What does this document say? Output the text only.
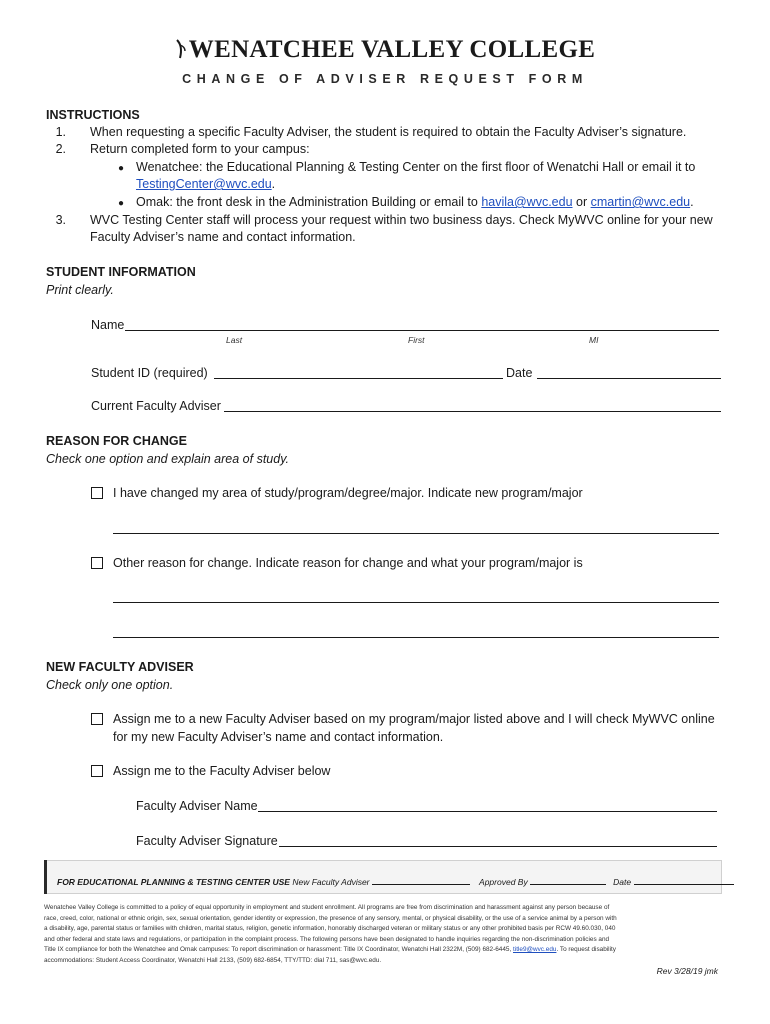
WENATCHEE VALLEY COLLEGE
CHANGE OF ADVISER REQUEST FORM
INSTRUCTIONS
1. When requesting a specific Faculty Adviser, the student is required to obtain the Faculty Adviser’s signature.
2. Return completed form to your campus:
● Wenatchee: the Educational Planning & Testing Center on the first floor of Wenatchi Hall or email it to
TestingCenter@wvc.edu.
● Omak: the front desk in the Administration Building or email to havila@wvc.edu or cmartin@wvc.edu.
3. WVC Testing Center staff will process your request within two business days. Check MyWVC online for your new
Faculty Adviser’s name and contact information.
STUDENT INFORMATION
Print clearly.
Name
Last	First	MI
Student ID (required)	Date
Current Faculty Adviser
REASON FOR CHANGE
Check one option and explain area of study.
I have changed my area of study/program/degree/major. Indicate new program/major
Other reason for change. Indicate reason for change and what your program/major is
NEW FACULTY ADVISER
Check only one option.
Assign me to a new Faculty Adviser based on my program/major listed above and I will check MyWVC online
for my new Faculty Adviser’s name and contact information.
Assign me to the Faculty Adviser below
Faculty Adviser Name
Faculty Adviser Signature
FOR EDUCATIONAL PLANNING & TESTING CENTER USE New Faculty Adviser	Approved By	Date
Wenatchee Valley College is committed to a policy of equal opportunity in employment and student enrollment. All programs are free from discrimination and harassment against any person because of
race, creed, color, national or ethnic origin, sex, sexual orientation, gender identity or expression, the presence of any sensory, mental, or physical disability, or the use of a service animal by a person with
a disability, age, parental status or families with children, marital status, religion, genetic information, honorably discharged veteran or military status or any other prohibited basis per RCW 49.60.030, 040
and other federal and state laws and regulations, or participation in the complaint process. The following persons have been designated to handle inquiries regarding the non-discrimination policies and
Title IX compliance for both the Wenatchee and Omak campuses: To report discrimination or harassment: Title IX Coordinator, Wenatchi Hall 2322M, (509) 682-6445, title9@wvc.edu. To request disability
accommodations: Student Access Coordinator, Wenatchi Hall 2133, (509) 682-6854, TTY/TTD: dial 711, sas@wvc.edu.
Rev 3/28/19 jmk
